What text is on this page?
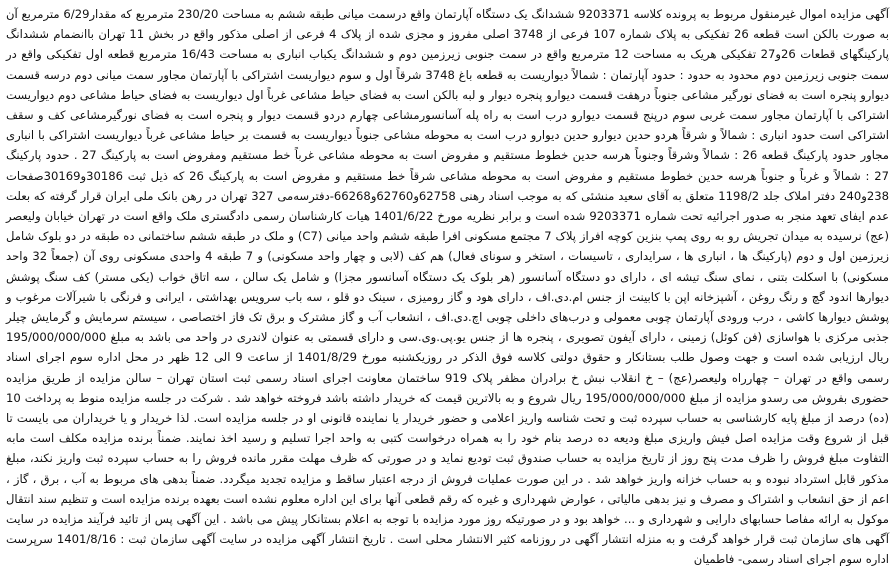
آگهی مزایده اموال غیرمنقول مربوط به پرونده کلاسه 9203371 ششدانگ یک دستگاه آپارتمان واقع درسمت میانی طبقه ششم به مساحت 230/20 مترمربع که مقدار6/29 مترمربع آن به صورت بالکن است قطعه 26 تفکیکی به پلاک شماره 107 فرعی از 3748 اصلی مفروز و مجزی شده از پلاک 4 فرعی از اصلی مذکور واقع در بخش 11 تهران باانضمام ششدانگ پارکینگهای قطعات 26و27 تفکیکی هریک به مساحت 12 مترمربع واقع در سمت جنوبی زیرزمین دوم و ششدانگ یکباب انباری به مساحت 16/43 مترمربع قطعه اول تفکیکی واقع در سمت جنوبی زیرزمین دوم محدود به حدود : حدود آپارتمان : شمالاً دیواریست به قطعه باغ 3748 شرقاً اول و سوم دیواریست اشتراکی با آپارتمان مجاور سمت میانی دوم درسه قسمت دیوارو پنجره است به فضای نورگیر مشاعی جنوباً درهفت قسمت دیوارو پنجره دیوار و لبه بالکن است به فضای حیاط مشاعی غرباً اول دیواریست به فضای حیاط مشاعی دوم دیواریست اشتراکی با آپارتمان مجاور سمت غربی سوم درپنج قسمت دیوارو درب است به راه پله آسانسورمشاعی چهارم دردو قسمت دیوار و پنجره است به فضای نورگیرمشاعی کف و سقف اشتراکی است حدود انباری : شمالاً و شرقاً هردو حدین دیوارو حدین دیوارو درب است به محوطه مشاعی جنوباً دیواریست به قسمت بر حیاط مشاعی غرباً دیواریست اشتراکی با انباری مجاور حدود پارکینگ قطعه 26 : شمالاً وشرقاً وجنوباً هرسه حدین خطوط مستقیم و مفروض است به محوطه مشاعی غرباً خط مستقیم ومفروض است به پارکینگ 27 . حدود پارکینگ 27 : شمالاً و غرباً و جنوباً هرسه حدین خطوط مستقیم و مفروض است به محوطه مشاعی شرقاً خط مستقیم و مفروض است به پارکینگ 26 که ذیل ثبت 30186و30169صفحات 238و240 دفتر املاک جلد 1198/2 متعلق به آقای سعید منشئی که به موجب اسناد رهنی 62758و62760و66268-دفترسه‌می 327 تهران در رهن بانک ملی ایران قرار گرفته که بعلت عدم ایفای تعهد منجر به صدور اجرائیه تحت شماره 9203371 شده است و برابر نظریه مورخ 1401/6/22 هیات کارشناسان رسمی دادگستری ملک واقع است در تهران خیابان ولیعصر (عج) نرسیده به میدان تجریش رو به روی پمپ بنزین کوچه افراز پلاک 7 مجتمع مسکونی افرا طبقه ششم واحد میانی (C7) و ملک در طبقه ششم ساختمانی ده طبقه در دو بلوک شامل زیرزمین اول و دوم (پارکینگ ها ، انباری ها ، سرایداری ، تاسیسات ، استخر و سونای فعال) هم کف (لابی و چهار واحد مسکونی) و 7 طبقه 4 واحدی مسکونی روی آن (جمعاً 32 واحد مسکونی) با اسکلت بتنی ، نمای سنگ تیشه ای ، دارای دو دستگاه آسانسور (هر بلوک یک دستگاه آسانسور مجزا) و شامل یک سالن ، سه اتاق خواب (یکی مستر) کف سنگ پوشش دیوارها اندود گچ و رنگ روغن ، آشپزخانه اپن با کابینت از جنس ام.دی.اف ، دارای هود و گاز رومیزی ، سینک دو قلو ، سه باب سرویس بهداشتی ، ایرانی و فرنگی با شیرآلات مرغوب و پوشش دیوارها کاشی ، درب ورودی آپارتمان چوبی معمولی و درب‌های داخلی چوبی اچ.دی.اف ، انشعاب آب و گاز مشترک و برق تک فاز اختصاصی ، سیستم سرمایش و گرمایش چیلر جذبی مرکزی با هواسازی (فن کوئل) زمینی ، دارای آیفون تصویری ، پنجره ها از جنس یو.پی.وی.سی و دارای قسمتی به عنوان لاندری در واحد می باشد به مبلغ 195/000/000/000 ریال ارزیابی شده است و جهت وصول طلب بستانکار و حقوق دولتی کلاسه فوق الذکر در روزیکشنبه مورخ 1401/8/29 از ساعت 9 الی 12 ظهر در محل اداره سوم اجرای اسناد رسمی واقع در تهران – چهارراه ولیعصر(عج) – خ انقلاب نبش خ برادران مظفر پلاک 919 ساختمان معاونت اجرای اسناد رسمی ثبت استان تهران – سالن مزایده از طریق مزایده حضوری بفروش می رسدو مزایده از مبلغ 195/000/000/000 ریال شروع و به بالاترین قیمت که خریدار داشته باشد فروخته خواهد شد . شرکت در جلسه مزایده منوط به پرداخت 10 (ده) درصد از مبلغ پایه کارشناسی به حساب سپرده ثبت و تحت شناسه واریز اعلامی و حضور خریدار یا نماینده قانونی او در جلسه مزایده است. لذا خریدار و یا خریداران می بایست تا قبل از شروع وقت مزایده اصل فیش واریزی مبلغ ودیعه ده درصد بنام خود را به همراه درخواست کتبی به واحد اجرا تسلیم و رسید اخذ نمایند. ضمناً برنده مزایده مکلف است مابه التفاوت مبلغ فروش را ظرف مدت پنج روز از تاریخ مزایده به حساب صندوق ثبت تودیع نماید و در صورتی که ظرف مهلت مقرر مانده فروش را به حساب سپرده ثبت واریز نکند، مبلغ مذکور قابل استرداد نبوده و به حساب خزانه واریز خواهد شد . در این صورت عملیات فروش از درجه اعتبار ساقط و مزایده تجدید میگردد. ضمناً بدهی های مربوط به آب ، برق ، گاز ، اعم از حق انشعاب و اشتراک و مصرف و نیز بدهی مالیاتی ، عوارض شهرداری و غیره که رقم قطعی آنها برای این اداره معلوم نشده است بعهده برنده مزایده است و تنظیم سند انتقال موکول به ارائه مفاصا حسابهای دارایی و شهرداری و ... خواهد بود و در صورتیکه روز مورد مزایده با توجه به اعلام بستانکار پیش می باشد . این آگهی پس از تائید فرآیند مزایده در سایت آگهی های سازمان ثبت قرار خواهد گرفت و به منزله انتشار آگهی در روزنامه کثیر الانتشار محلی است . تاریخ انتشار آگهی مزایده در سایت آگهی سازمان ثبت : 1401/8/16 سرپرست اداره سوم اجرای اسناد رسمی- فاطمیان
